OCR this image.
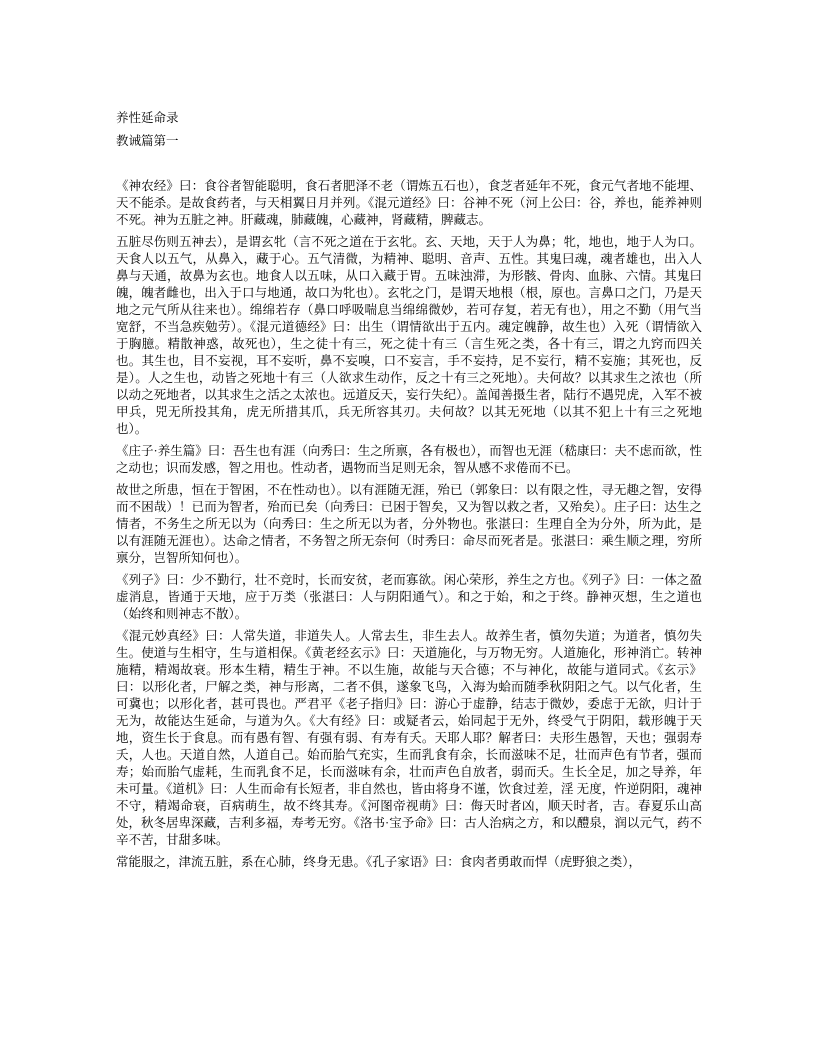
养性延命录

教诫篇第一

《神农经》曰：食谷者智能聪明，食石者肥泽不老（谓炼五石也），食芝者延年不死，食元气者地不能埋、天不能杀。是故食药者，与天相翼日月并列。《混元道经》曰：谷神不死（河上公曰：谷，养也，能养神则不死。神为五脏之神。肝藏魂，肺藏魄，心藏神，肾藏精，脾藏志。

五脏尽伤则五神去），是谓玄牝（言不死之道在于玄牝。玄、天地，天于人为鼻；牝，地也，地于人为口。天食人以五气，从鼻入，藏于心。五气清微，为精神、聪明、音声、五性。其鬼曰魂，魂者雄也，出入人鼻与天通，故鼻为玄也。地食人以五味，从口入藏于胃。五味浊滞，为形骸、骨肉、血脉、六情。其鬼曰魄，魄者雌也，出入于口与地通，故口为牝也）。玄牝之门，是谓天地根（根，原也。言鼻口之门，乃是天地之元气所从往来也）。绵绵若存（鼻口呼吸喘息当绵绵微妙，若可存复，若无有也），用之不勤（用气当宽舒，不当急疾勉劳）。《混元道德经》曰：出生（谓情欲出于五内。魂定魄静，故生也）入死（谓情欲入于胸臆。精散神惑，故死也），生之徒十有三，死之徒十有三（言生死之类，各十有三，谓之九窍而四关也。其生也，目不妄视，耳不妄听，鼻不妄嗅，口不妄言，手不妄持，足不妄行，精不妄施；其死也，反是）。人之生也，动皆之死地十有三（人欲求生动作，反之十有三之死地）。夫何故？以其求生之浓也（所以动之死地者，以其求生之活之太浓也。远道反天，妄行失纪）。盖闻善摄生者，陆行不遇兕虎，入军不被甲兵，兕无所投其角，虎无所措其爪，兵无所容其刃。夫何故？以其无死地（以其不犯上十有三之死地也）。

《庄子·养生篇》曰：吾生也有涯（向秀曰：生之所禀，各有极也），而智也无涯（嵇康曰：夫不虑而欲，性之动也；识而发感，智之用也。性动者，遇物而当足则无余，智从感不求倦而不已。

故世之所患，恒在于智困，不在性动也）。以有涯随无涯，殆已（郭象曰：以有限之性，寻无趣之智，安得而不困哉）！已而为智者，殆而已矣（向秀曰：已困于智矣，又为智以救之者，又殆矣）。庄子曰：达生之情者，不务生之所无以为（向秀曰：生之所无以为者，分外物也。张湛曰：生理自全为分外，所为此，是以有涯随无涯也）。达命之情者，不务智之所无奈何（时秀曰：命尽而死者是。张湛曰：乘生顺之理，穷所禀分，岂智所知何也）。

《列子》曰：少不勤行，壮不竞时，长而安贫，老而寡欲。闲心荣形，养生之方也。《列子》曰：一体之盈虚消息，皆通于天地，应于万类（张湛曰：人与阴阳通气）。和之于始，和之于终。静神灭想，生之道也（始终和则神志不散）。

《混元妙真经》曰：人常失道，非道失人。人常去生，非生去人。故养生者，慎勿失道；为道者，慎勿失生。使道与生相守，生与道相保。《黄老经玄示》曰：天道施化，与万物无穷。人道施化，形神消亡。转神施精，精竭故衰。形本生精，精生于神。不以生施，故能与天合德；不与神化，故能与道同式。《玄示》曰：以形化者，尸解之类，神与形离，二者不俱，遂象飞鸟，入海为蛤而随季秋阴阳之气。以气化者，生可冀也；以形化者，甚可畏也。严君平《老子指归》曰：游心于虚静，结志于微妙，委虑于无欲，归计于无为，故能达生延命，与道为久。《大有经》曰：或疑者云，始同起于无外，终受气于阴阳，载形魄于天地，资生长于食息。而有愚有智、有强有弱、有寿有夭。天耶人耶？解者曰：夫形生愚智，天也；强弱寿夭，人也。天道自然，人道自己。始而胎气充实，生而乳食有余，长而滋味不足，壮而声色有节者，强而寿；始而胎气虚耗，生而乳食不足，长而滋味有余，壮而声色自放者，弱而夭。生长全足，加之导养，年未可量。《道机》曰：人生而命有长短者，非自然也，皆由将身不谨，饮食过差，淫 无度，忤逆阴阳，魂神不守，精竭命衰，百病萌生，故不终其寿。《河图帝视萌》曰：侮天时者凶，顺天时者，吉。春夏乐山高处，秋冬居卑深藏，吉利多福，寿考无穷。《洛书·宝予命》曰：古人治病之方，和以醴泉，润以元气，药不辛不苦，甘甜多味。

常能服之，津流五脏，系在心肺，终身无患。《孔子家语》曰：食肉者勇敢而悍（虎野狼之类），
